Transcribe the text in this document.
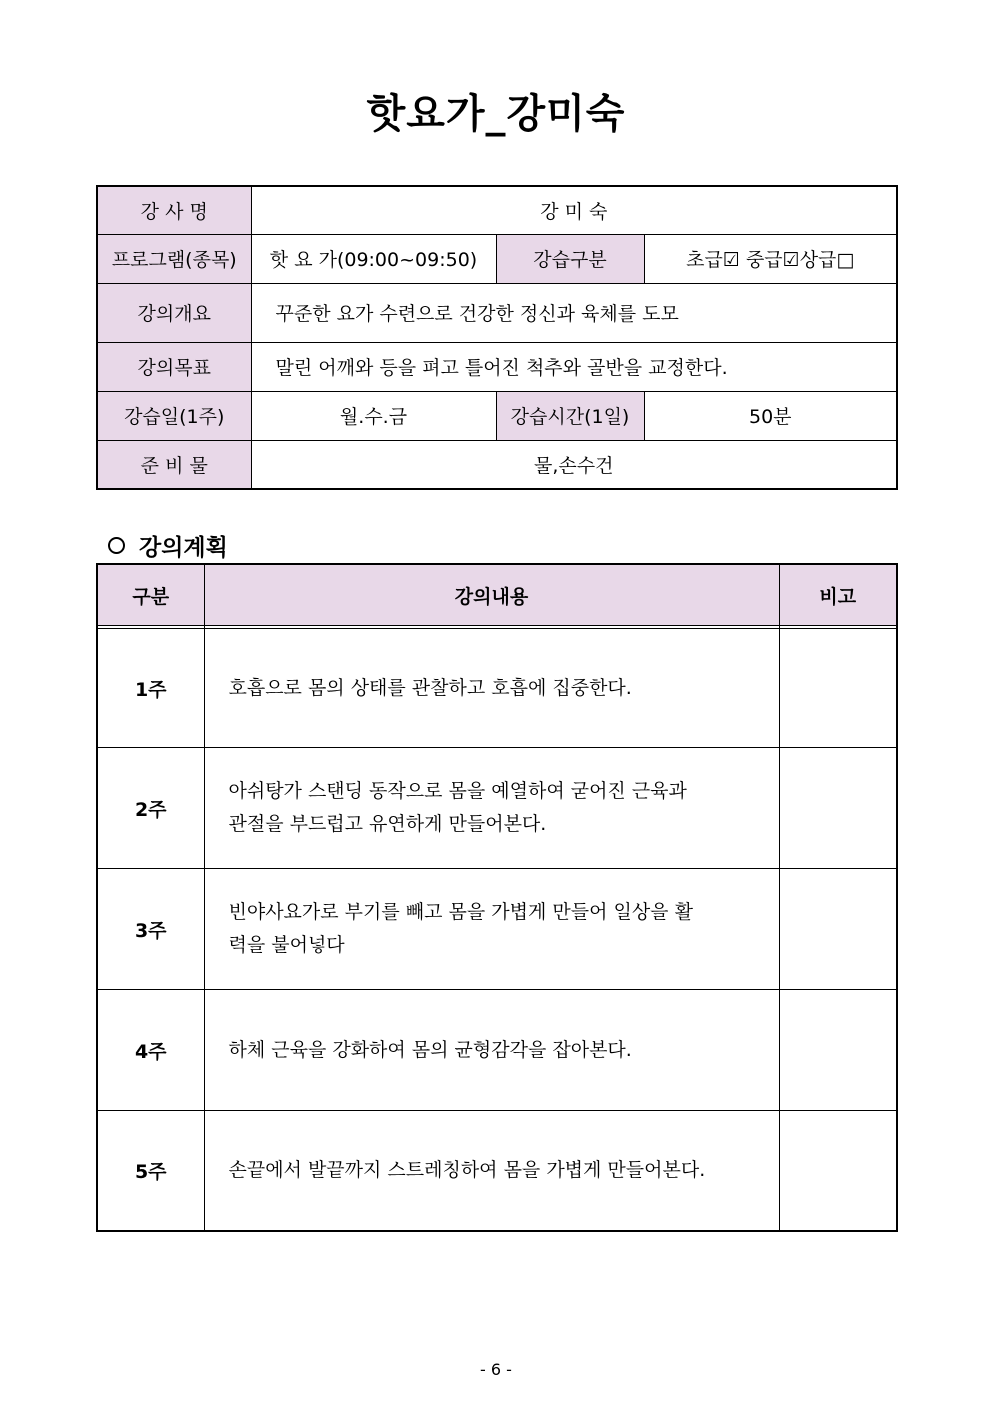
핫요가_강미숙
강 사 명	강 미 숙		
프로그램(종목)	핫 요 가(09:00~09:50)	강습구분	초급☑ 중급☑상급□
강의개요	꾸준한 요가 수련으로 건강한 정신과 육체를 도모		
강의목표	말린 어깨와 등을 펴고 틀어진 척추와 골반을 교정한다.		
강습일(1주)	월.수.금	강습시간(1일)	50분
준 비 물	물,손수건		
강의계획
구분	강의내용	비고

1주	호흡으로 몸의 상태를 관찰하고 호흡에 집중한다.	

2주	아쉬탕가 스탠딩 동작으로 몸을 예열하여 굳어진 근육과
관절을 부드럽고 유연하게 만들어본다.	

3주	빈야사요가로 부기를 빼고 몸을 가볍게 만들어 일상을 활
력을 불어넣다	

4주	하체 근육을 강화하여 몸의 균형감각을 잡아본다.	

5주	손끝에서 발끝까지 스트레칭하여 몸을 가볍게 만들어본다.	

- 6 -
